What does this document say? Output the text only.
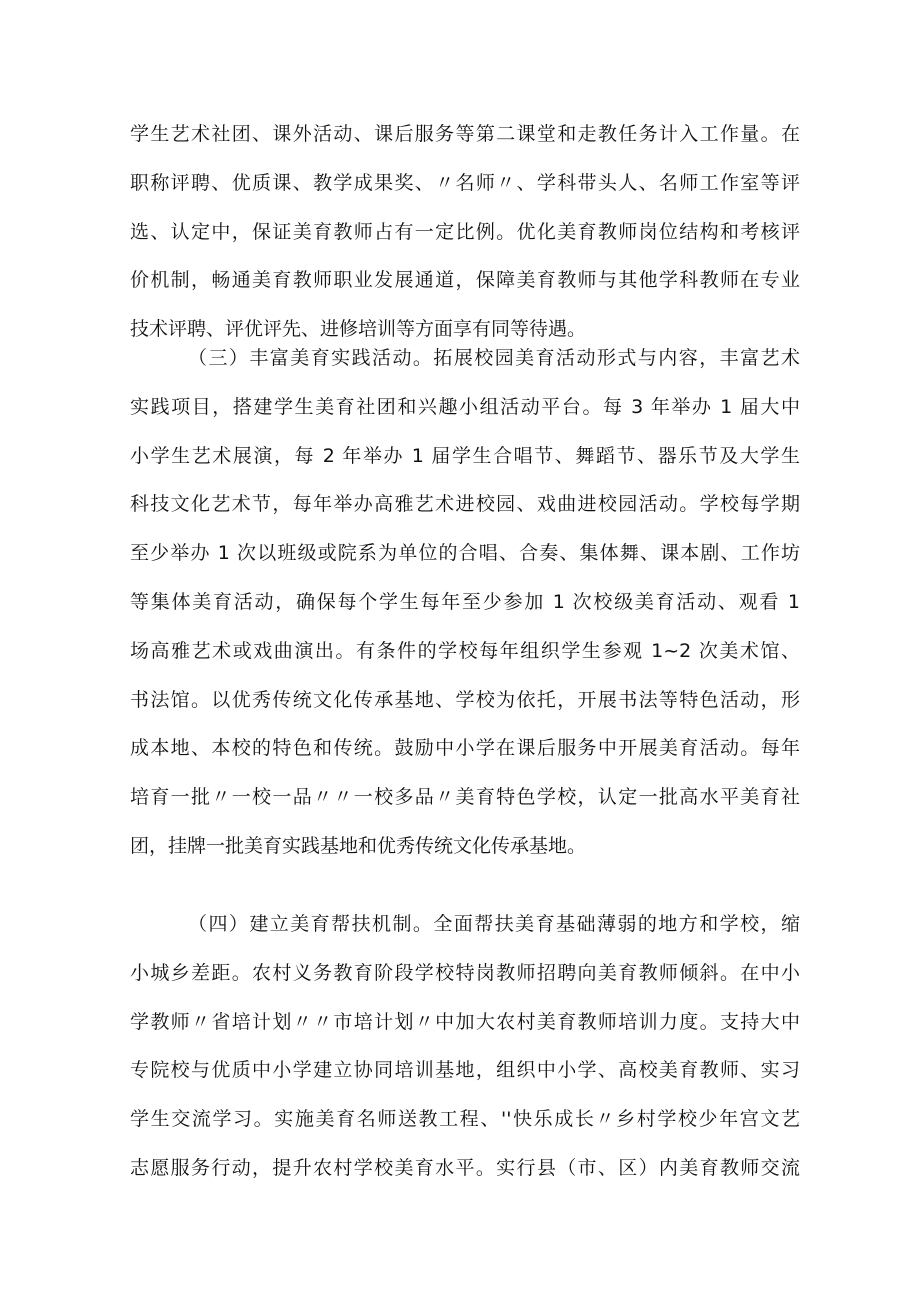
学生艺术社团、课外活动、课后服务等第二课堂和走教任务计入工作量。在
职称评聘、优质课、教学成果奖、〃名师〃、学科带头人、名师工作室等评
选、认定中，保证美育教师占有一定比例。优化美育教师岗位结构和考核评
价机制，畅通美育教师职业发展通道，保障美育教师与其他学科教师在专业
技术评聘、评优评先、进修培训等方面享有同等待遇。
（三）丰富美育实践活动。拓展校园美育活动形式与内容，丰富艺术
实践项目，搭建学生美育社团和兴趣小组活动平台。每 3 年举办 1 届大中
小学生艺术展演，每 2 年举办 1 届学生合唱节、舞蹈节、器乐节及大学生
科技文化艺术节，每年举办高雅艺术进校园、戏曲进校园活动。学校每学期
至少举办 1 次以班级或院系为单位的合唱、合奏、集体舞、课本剧、工作坊
等集体美育活动，确保每个学生每年至少参加 1 次校级美育活动、观看 1
场高雅艺术或戏曲演出。有条件的学校每年组织学生参观 1~2 次美术馆、
书法馆。以优秀传统文化传承基地、学校为依托，开展书法等特色活动，形
成本地、本校的特色和传统。鼓励中小学在课后服务中开展美育活动。每年
培育一批〃一校一品〃〃一校多品〃美育特色学校，认定一批高水平美育社
团，挂牌一批美育实践基地和优秀传统文化传承基地。
（四）建立美育帮扶机制。全面帮扶美育基础薄弱的地方和学校，缩
小城乡差距。农村义务教育阶段学校特岗教师招聘向美育教师倾斜。在中小
学教师〃省培计划〃〃市培计划〃中加大农村美育教师培训力度。支持大中
专院校与优质中小学建立协同培训基地，组织中小学、高校美育教师、实习
学生交流学习。实施美育名师送教工程、''快乐成长〃乡村学校少年宫文艺
志愿服务行动，提升农村学校美育水平。实行县（市、区）内美育教师交流
